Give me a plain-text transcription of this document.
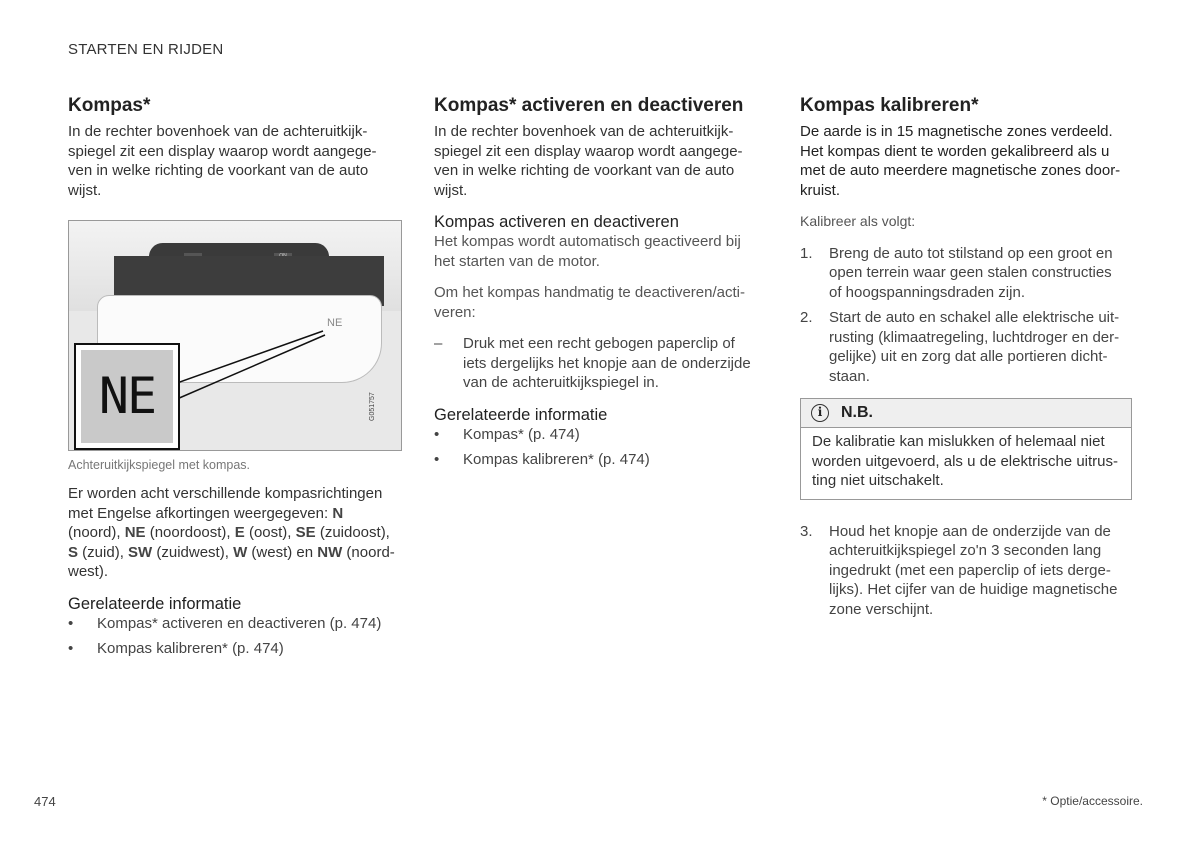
STARTEN EN RIJDEN
Kompas*

In de rechter bovenhoek van de achteruitkijk-
spiegel zit een display waarop wordt aangege-
ven in welke richting de voorkant van de auto
wijst.

NE
NE	G051757
Achteruitkijkspiegel met kompas.

Er worden acht verschillende kompasrichtingen
met Engelse afkortingen weergegeven: N
(noord), NE (noordoost), E (oost), SE (zuidoost),
S (zuid), SW (zuidwest), W (west) en NW (noord-
west).

Gerelateerde informatie
• Kompas* activeren en deactiveren (p. 474)
• Kompas kalibreren* (p. 474)
Kompas* activeren en deactiveren

In de rechter bovenhoek van de achteruitkijk-
spiegel zit een display waarop wordt aangege-
ven in welke richting de voorkant van de auto
wijst.

Kompas activeren en deactiveren

Het kompas wordt automatisch geactiveerd bij
het starten van de motor.

Om het kompas handmatig te deactiveren/acti-
veren:

– Druk met een recht gebogen paperclip of
iets dergelijks het knopje aan de onderzijde
van de achteruitkijkspiegel in.
Gerelateerde informatie
• Kompas* (p. 474)
• Kompas kalibreren* (p. 474)
Kompas kalibreren*

De aarde is in 15 magnetische zones verdeeld.
Het kompas dient te worden gekalibreerd als u
met de auto meerdere magnetische zones door-
kruist.

Kalibreer als volgt:

1. Breng de auto tot stilstand op een groot en
open terrein waar geen stalen constructies
of hoogspanningsdraden zijn.
2. Start de auto en schakel alle elektrische uit-
rusting (klimaatregeling, luchtdroger en der-
gelijke) uit en zorg dat alle portieren dicht-
staan.
i	N.B.

De kalibratie kan mislukken of helemaal niet
worden uitgevoerd, als u de elektrische uitrus-
ting niet uitschakelt.

3. Houd het knopje aan de onderzijde van de
achteruitkijkspiegel zo'n 3 seconden lang
ingedrukt (met een paperclip of iets derge-
lijks). Het cijfer van de huidige magnetische
zone verschijnt.
474	* Optie/accessoire.
